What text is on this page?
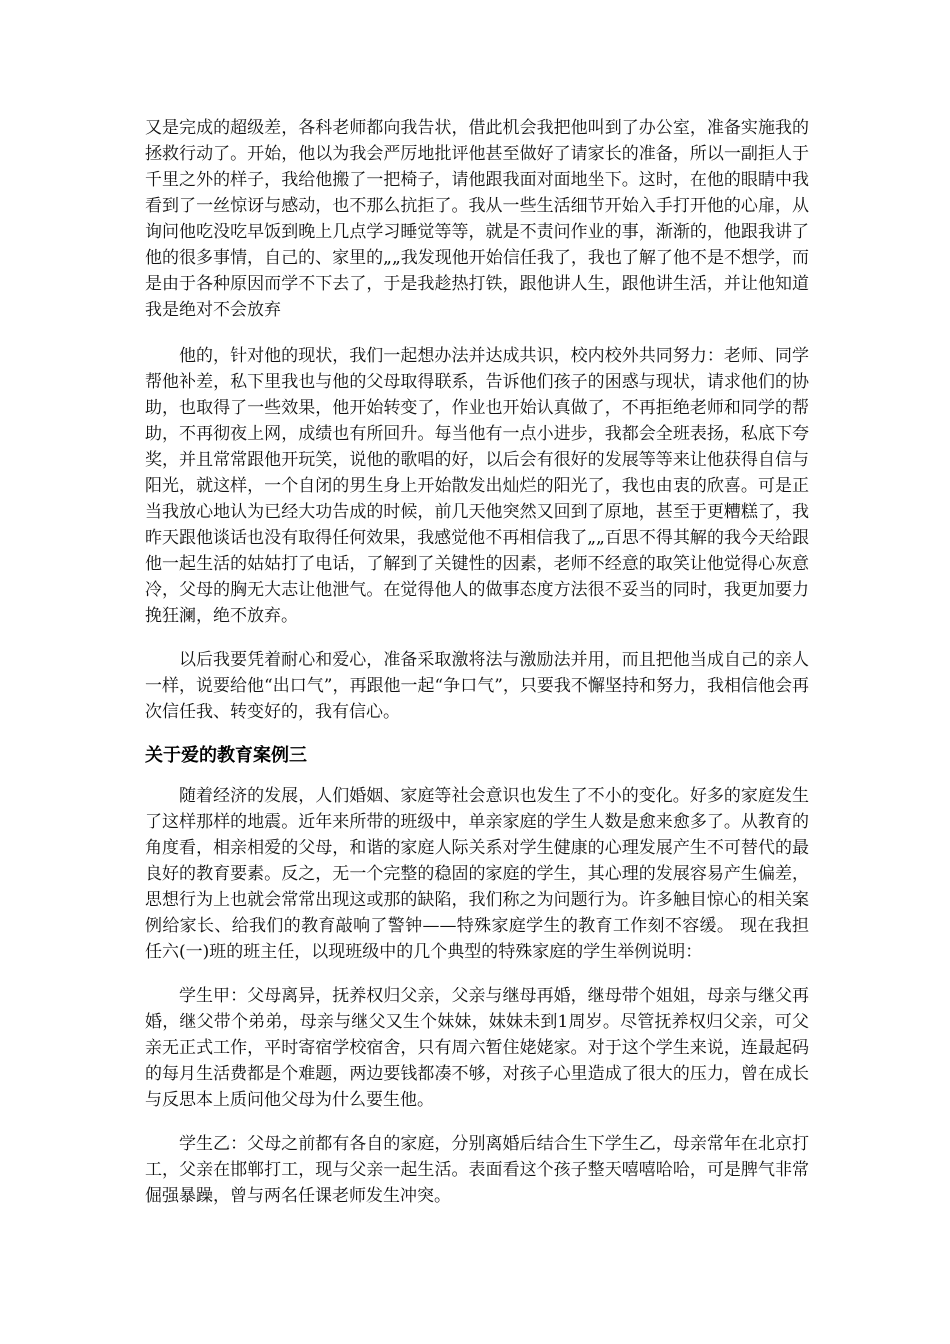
又是完成的超级差，各科老师都向我告状，借此机会我把他叫到了办公室，准备实施我的拯救行动了。开始，他以为我会严厉地批评他甚至做好了请家长的准备，所以一副拒人于千里之外的样子，我给他搬了一把椅子，请他跟我面对面地坐下。这时，在他的眼睛中我看到了一丝惊讶与感动，也不那么抗拒了。我从一些生活细节开始入手打开他的心扉，从询问他吃没吃早饭到晚上几点学习睡觉等等，就是不责问作业的事，渐渐的，他跟我讲了他的很多事情，自己的、家里的„„我发现他开始信任我了，我也了解了他不是不想学，而是由于各种原因而学不下去了，于是我趁热打铁，跟他讲人生，跟他讲生活，并让他知道我是绝对不会放弃

他的，针对他的现状，我们一起想办法并达成共识，校内校外共同努力：老师、同学帮他补差，私下里我也与他的父母取得联系，告诉他们孩子的困惑与现状，请求他们的协助，也取得了一些效果，他开始转变了，作业也开始认真做了，不再拒绝老师和同学的帮助，不再彻夜上网，成绩也有所回升。每当他有一点小进步，我都会全班表扬，私底下夸奖，并且常常跟他开玩笑，说他的歌唱的好，以后会有很好的发展等等来让他获得自信与阳光，就这样，一个自闭的男生身上开始散发出灿烂的阳光了，我也由衷的欣喜。可是正当我放心地认为已经大功告成的时候，前几天他突然又回到了原地，甚至于更糟糕了，我昨天跟他谈话也没有取得任何效果，我感觉他不再相信我了„„百思不得其解的我今天给跟他一起生活的姑姑打了电话，了解到了关键性的因素，老师不经意的取笑让他觉得心灰意冷，父母的胸无大志让他泄气。在觉得他人的做事态度方法很不妥当的同时，我更加要力挽狂澜，绝不放弃。

以后我要凭着耐心和爱心，准备采取激将法与激励法并用，而且把他当成自己的亲人一样，说要给他“出口气”，再跟他一起“争口气”，只要我不懈坚持和努力，我相信他会再次信任我、转变好的，我有信心。

关于爱的教育案例三

随着经济的发展，人们婚姻、家庭等社会意识也发生了不小的变化。好多的家庭发生了这样那样的地震。近年来所带的班级中，单亲家庭的学生人数是愈来愈多了。从教育的角度看，相亲相爱的父母，和谐的家庭人际关系对学生健康的心理发展产生不可替代的最良好的教育要素。反之，无一个完整的稳固的家庭的学生，其心理的发展容易产生偏差，思想行为上也就会常常出现这或那的缺陷，我们称之为问题行为。许多触目惊心的相关案例给家长、给我们的教育敲响了警钟——特殊家庭学生的教育工作刻不容缓。 现在我担任六(一)班的班主任，以现班级中的几个典型的特殊家庭的学生举例说明：

学生甲：父母离异，抚养权归父亲，父亲与继母再婚，继母带个姐姐，母亲与继父再婚，继父带个弟弟，母亲与继父又生个妹妹，妹妹未到1周岁。尽管抚养权归父亲，可父亲无正式工作，平时寄宿学校宿舍，只有周六暂住姥姥家。对于这个学生来说，连最起码的每月生活费都是个难题，两边要钱都凑不够，对孩子心里造成了很大的压力，曾在成长与反思本上质问他父母为什么要生他。

学生乙：父母之前都有各自的家庭，分别离婚后结合生下学生乙，母亲常年在北京打工，父亲在邯郸打工，现与父亲一起生活。表面看这个孩子整天嘻嘻哈哈，可是脾气非常倔强暴躁，曾与两名任课老师发生冲突。
